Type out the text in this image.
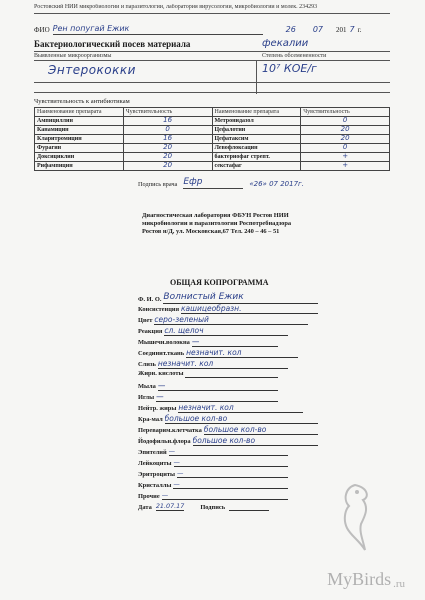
Ростовский НИИ микробиологии и паразитологии, лаборатория вирусологии, микробиологии и молек. 234293
ФИО Рен попугай Ежик	26 07 201 7 г.
Бактериологический посев материала	фекалии
Выявленные микроорганизмы	Степень обсемененности
Энтерококки	10⁷ КОЕ/г
Чувствительность к антибиотикам
Наименование препарата	Чувствительность	Наименование препарата	Чувствительность
Ампициллин	16	Метронидазол	0
Канамицин	0	Цефалотин	20
Кларитромицин	16	Цефатаксим	20
Фурагин	20	Левофлоксацин	0
Доксициклин	20	бактериофаг стрепт.	+
Рифампицин	20	секстафаг	+
Подпись врача Ефр	«26» 07 2017г.
Диагностическая лаборатория ФБУН Ростов НИИ микробиологии и паразитологии Роспотребнадзора Ростов н/Д, ул. Московская,67 Тел. 240 – 46 – 51
ОБЩАЯ КОПРОГРАММА
Ф. И. О. Волнистый Ежик
Консистенция кашицеобразн.
Цвет серо-зеленый
Реакция сл. щелоч
Мышечн.волокна —
Соединит.ткань незначит. кол
Слизь незначит. кол
Жирн. кислоты
Мыла —
Иглы —
Нейтр. жиры незначит. кол
Кра-мал большое кол-во
Переварим.клетчатка большое кол-во
Йодофильн.флора большое кол-во
Эпителий —
Лейкоциты —
Эритроциты —
Кристаллы —
Прочие —
Дата 21.07.17	Подпись
MyBirds .ru
